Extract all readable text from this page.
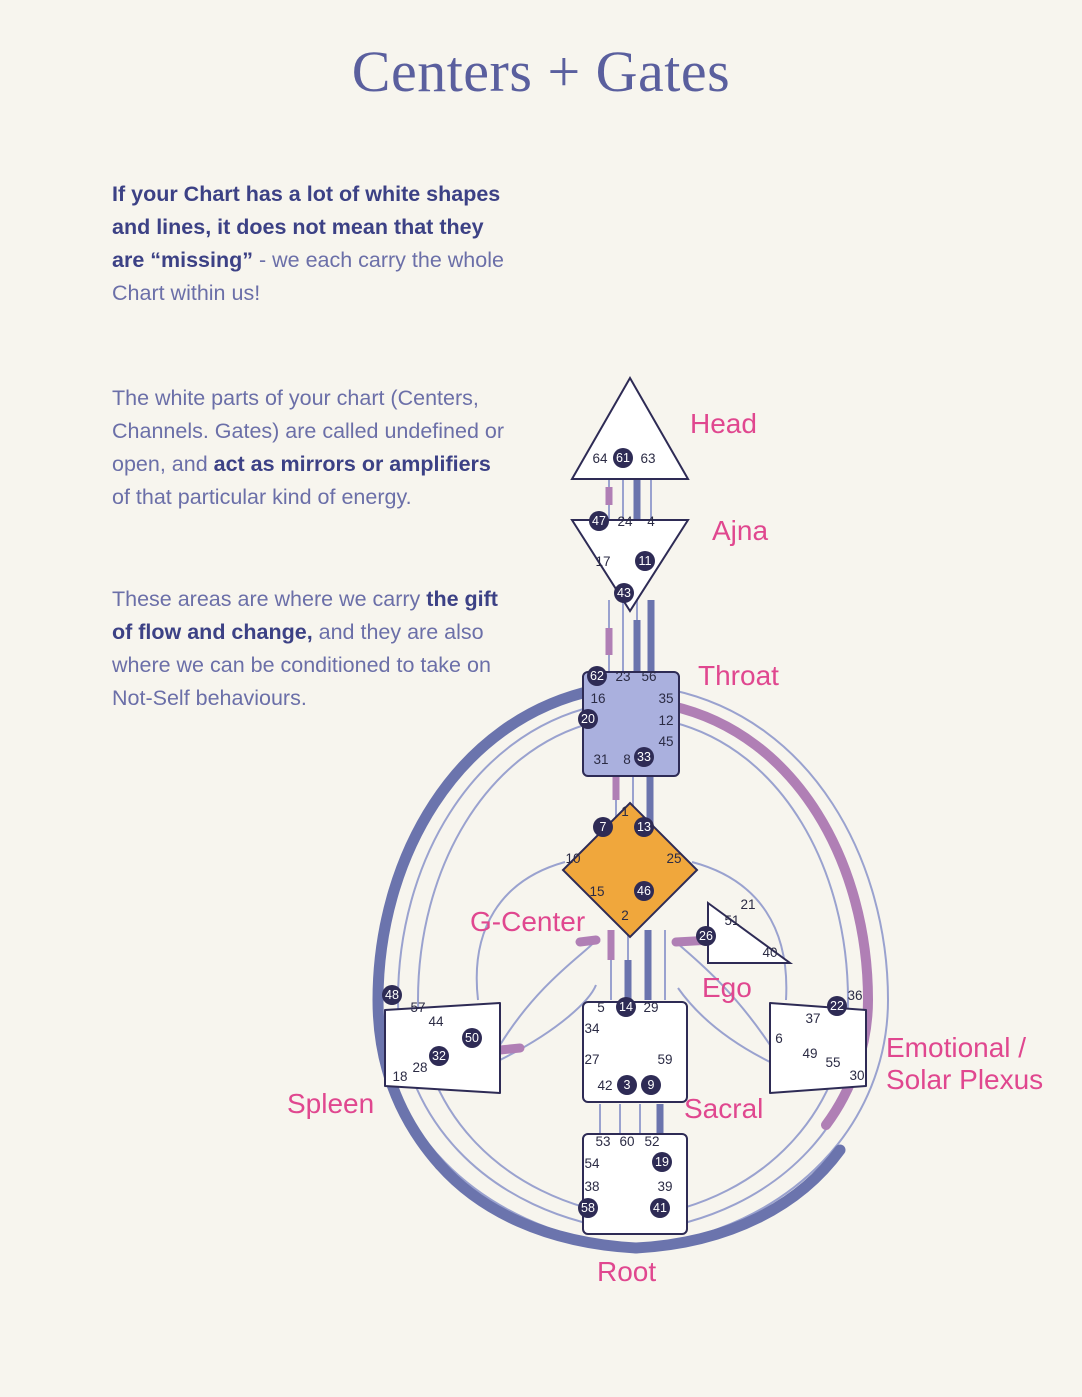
Centers + Gates
If your Chart has a lot of white shapes and lines, it does not mean that they are “missing” - we each carry the whole Chart within us!
The white parts of your chart (Centers, Channels. Gates) are called undefined or open, and act as mirrors or amplifiers of that particular kind of energy.
These areas are where we carry the gift of flow and change, and they are also where we can be conditioned to take on Not-Self behaviours.
Head
Ajna
Throat
G-Center
Ego
Spleen	Sacral
Emotional /
Solar Plexus
Root
64 61 63
47 24	4
17 11
43
62 23 56
16	35
20	12
45
31	8 33
1
7	13
10	25
15	46
2
21
51
26
40
48
57
44
50
32
28
18
5	14 29
34
27	59
42 3	9
36
22
37
6
49
55
30
53 60 52
54	19
38	39
58	41
